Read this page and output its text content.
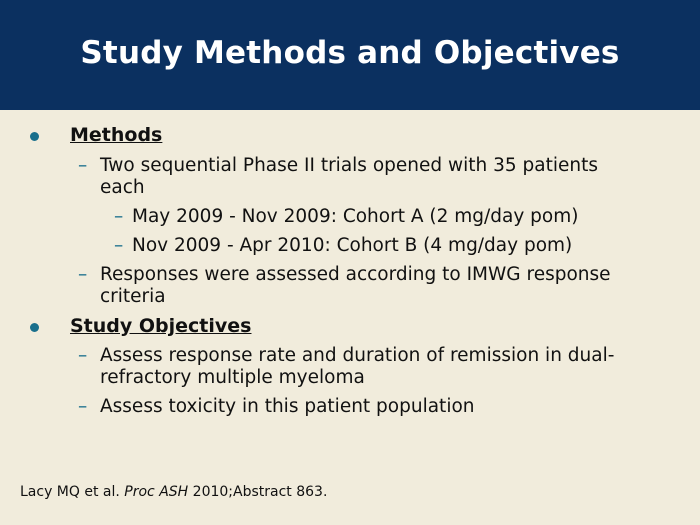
Study Methods and Objectives
Methods
– Two sequential Phase II trials opened with 35 patients
each
– May 2009 - Nov 2009: Cohort A (2 mg/day pom)
– Nov 2009 - Apr 2010: Cohort B (4 mg/day pom)
– Responses were assessed according to IMWG response
criteria
Study Objectives
– Assess response rate and duration of remission in dual-
refractory multiple myeloma
– Assess toxicity in this patient population
Lacy MQ et al. Proc ASH 2010;Abstract 863.
